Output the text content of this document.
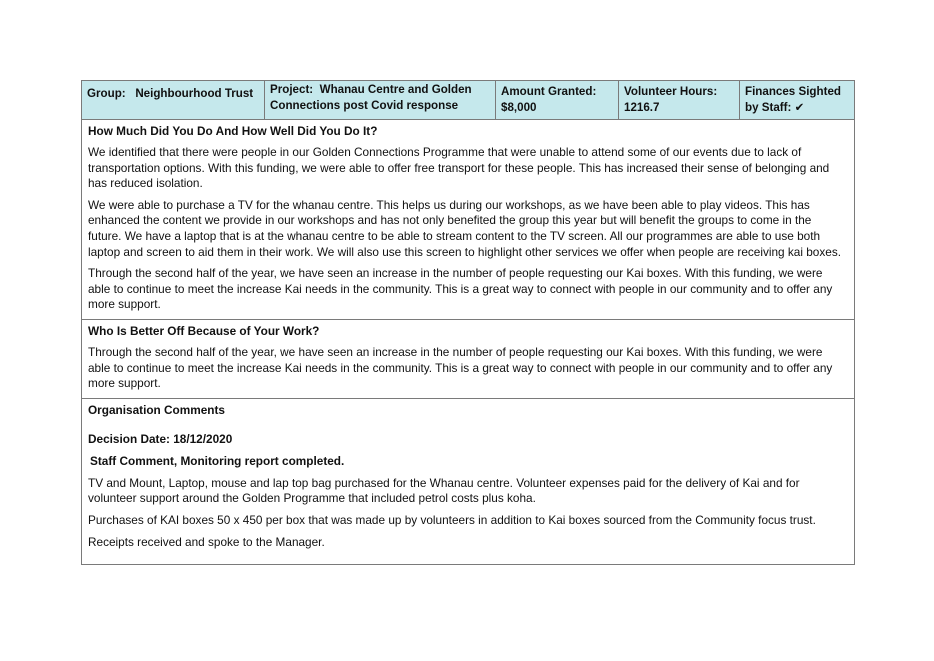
Group: Neighbourhood Trust	Project: Whanau Centre and Golden Connections post Covid response
Amount Granted:
$8,000
Volunteer Hours:
1216.7
Finances Sighted by Staff: ✔
How Much Did You Do And How Well Did You Do It?

We identified that there were people in our Golden Connections Programme that were unable to attend some of our events due to lack of transportation options. With this funding, we were able to offer free transport for these people. This has increased their sense of belonging and has reduced isolation.

We were able to purchase a TV for the whanau centre. This helps us during our workshops, as we have been able to play videos. This has enhanced the content we provide in our workshops and has not only benefited the group this year but will benefit the groups to come in the future. We have a laptop that is at the whanau centre to be able to stream content to the TV screen. All our programmes are able to use both laptop and screen to aid them in their work. We will also use this screen to highlight other services we offer when people are receiving kai boxes.

Through the second half of the year, we have seen an increase in the number of people requesting our Kai boxes. With this funding, we were able to continue to meet the increase Kai needs in the community. This is a great way to connect with people in our community and to offer any more support.

Who Is Better Off Because of Your Work?

Through the second half of the year, we have seen an increase in the number of people requesting our Kai boxes. With this funding, we were able to continue to meet the increase Kai needs in the community. This is a great way to connect with people in our community and to offer any more support.

Organisation Comments
Decision Date: 18/12/2020
Staff Comment, Monitoring report completed.

TV and Mount, Laptop, mouse and lap top bag purchased for the Whanau centre. Volunteer expenses paid for the delivery of Kai and for volunteer support around the Golden Programme that included petrol costs plus koha.

Purchases of KAI boxes 50 x 450 per box that was made up by volunteers in addition to Kai boxes sourced from the Community focus trust.

Receipts received and spoke to the Manager.
